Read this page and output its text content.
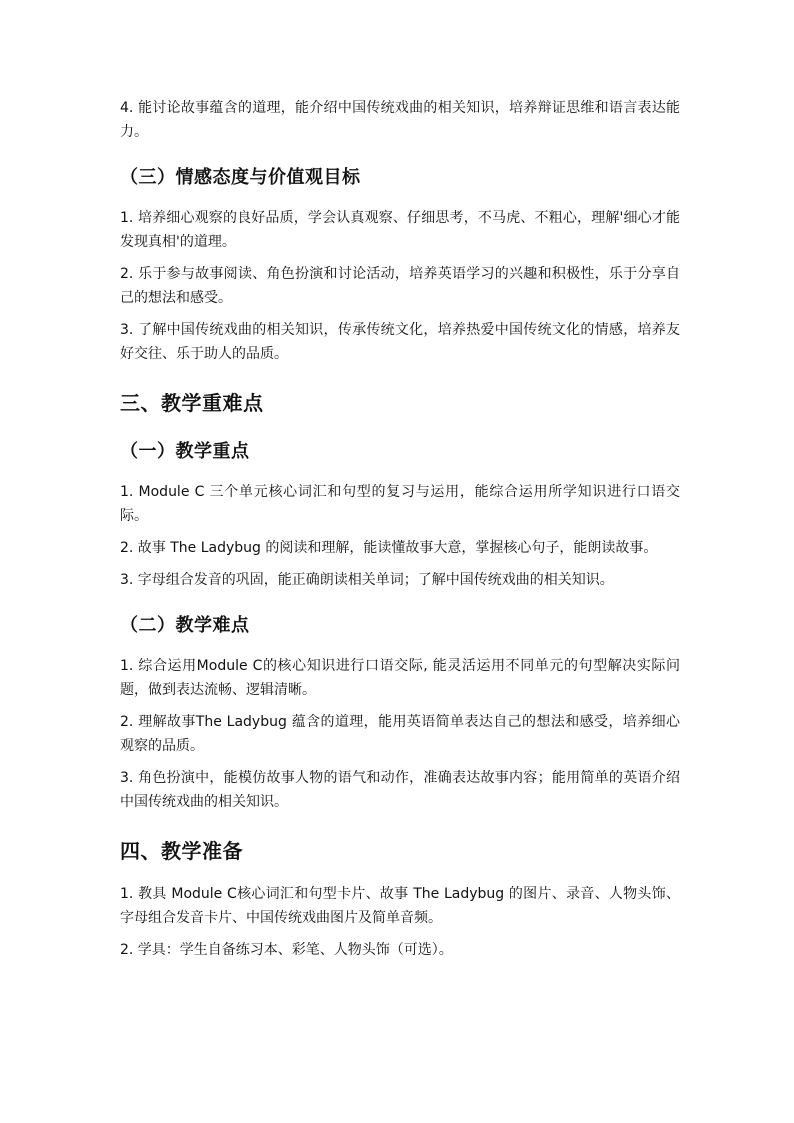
4. 能讨论故事蕴含的道理，能介绍中国传统戏曲的相关知识，培养辩证思维和语言表达能力。

（三）情感态度与价值观目标

1. 培养细心观察的良好品质，学会认真观察、仔细思考，不马虎、不粗心，理解'细心才能发现真相'的道理。

2. 乐于参与故事阅读、角色扮演和讨论活动，培养英语学习的兴趣和积极性，乐于分享自己的想法和感受。

3. 了解中国传统戏曲的相关知识，传承传统文化，培养热爱中国传统文化的情感，培养友好交往、乐于助人的品质。

三、教学重难点
（一）教学重点

1. Module C 三个单元核心词汇和句型的复习与运用，能综合运用所学知识进行口语交际。

2. 故事 The Ladybug 的阅读和理解，能读懂故事大意，掌握核心句子，能朗读故事。

3. 字母组合发音的巩固，能正确朗读相关单词；了解中国传统戏曲的相关知识。

（二）教学难点

1. 综合运用Module C的核心知识进行口语交际, 能灵活运用不同单元的句型解决实际问题，做到表达流畅、逻辑清晰。

2. 理解故事The Ladybug 蕴含的道理，能用英语简单表达自己的想法和感受，培养细心观察的品质。

3. 角色扮演中，能模仿故事人物的语气和动作，准确表达故事内容；能用简单的英语介绍中国传统戏曲的相关知识。

四、教学准备

1. 教具 Module C核心词汇和句型卡片、故事 The Ladybug 的图片、录音、人物头饰、字母组合发音卡片、中国传统戏曲图片及简单音频。

2. 学具：学生自备练习本、彩笔、人物头饰（可选）。
